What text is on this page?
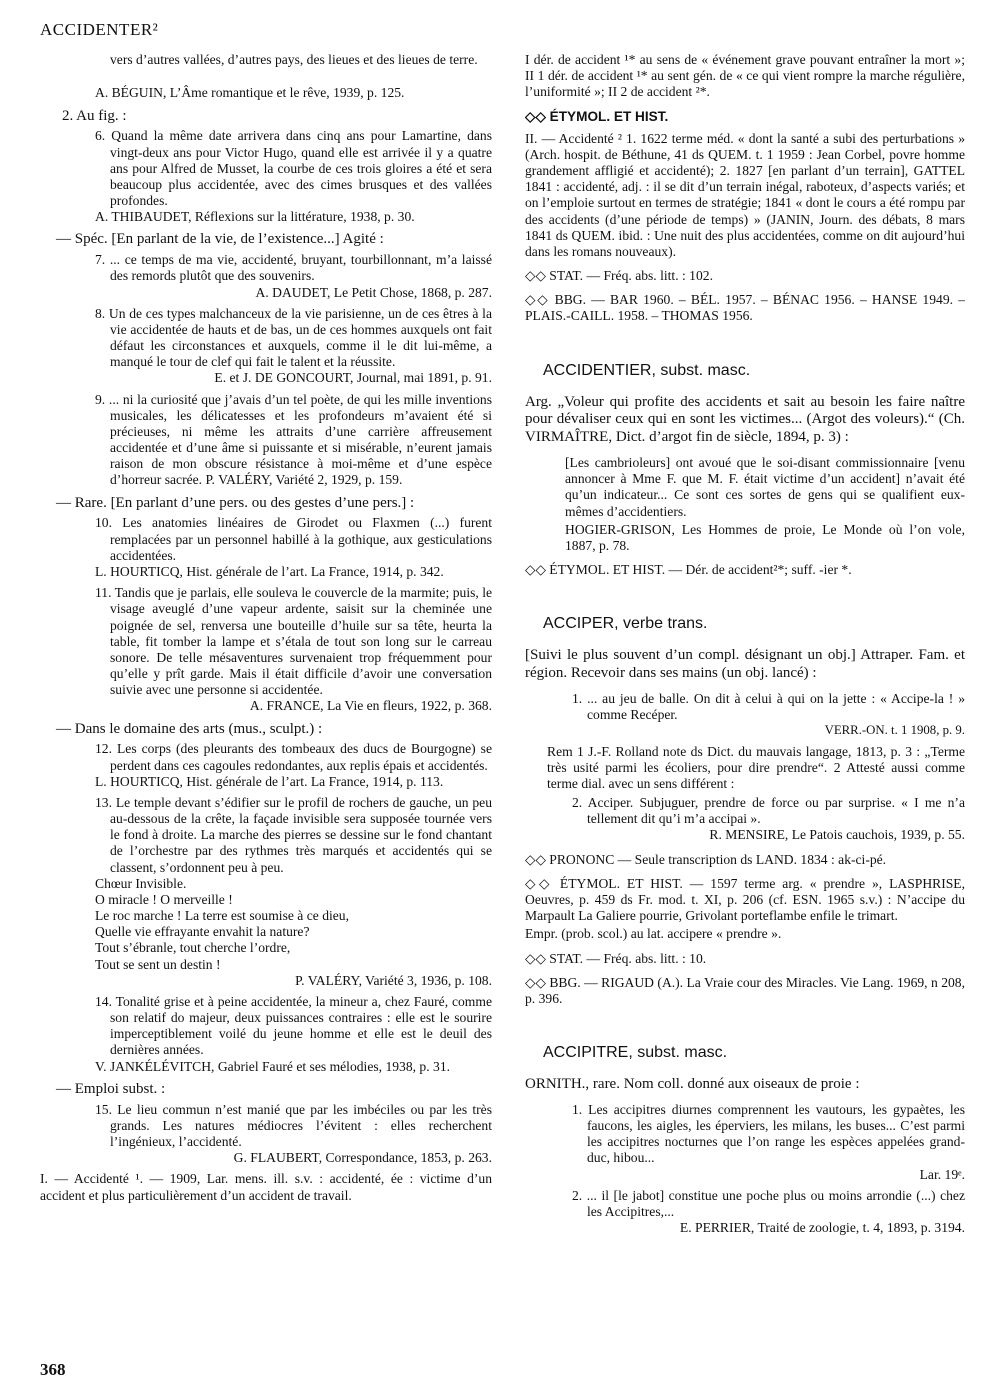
ACCIDENTER²

vers d’autres vallées, d’autres pays, des lieues et des lieues de terre.

A. BÉGUIN, L’Âme romantique et le rêve, 1939, p. 125.

2. Au fig. :

6. Quand la même date arrivera dans cinq ans pour Lamartine, dans vingt-deux ans pour Victor Hugo, quand elle est arrivée il y a quatre ans pour Alfred de Musset, la courbe de ces trois gloires a été et sera beaucoup plus accidentée, avec des cimes brusques et des vallées profondes.
A. THIBAUDET, Réflexions sur la littérature, 1938, p. 30.

— Spéc. [En parlant de la vie, de l’existence...] Agité :

7. ... ce temps de ma vie, accidenté, bruyant, tourbillonnant, m’a laissé des remords plutôt que des souvenirs.
A. DAUDET, Le Petit Chose, 1868, p. 287.

8. Un de ces types malchanceux de la vie parisienne, un de ces êtres à la vie accidentée de hauts et de bas, un de ces hommes auxquels ont fait défaut les circonstances et auxquels, comme il le dit lui-même, a manqué le tour de clef qui fait le talent et la réussite.
E. et J. DE GONCOURT, Journal, mai 1891, p. 91.

9. ... ni la curiosité que j’avais d’un tel poète, de qui les mille inventions musicales, les délicatesses et les profondeurs m’avaient été si précieuses, ni même les attraits d’une carrière affreusement accidentée et d’une âme si puissante et si misérable, n’eurent jamais raison de mon obscure résistance à moi-même et d’une espèce d’horreur sacrée. P. VALÉRY, Variété 2, 1929, p. 159.

— Rare. [En parlant d’une pers. ou des gestes d’une pers.] :

10. Les anatomies linéaires de Girodet ou Flaxmen (...) furent remplacées par un personnel habillé à la gothique, aux gesticulations accidentées.
L. HOURTICQ, Hist. générale de l’art. La France, 1914, p. 342.

11. Tandis que je parlais, elle souleva le couvercle de la marmite; puis, le visage aveuglé d’une vapeur ardente, saisit sur la cheminée une poignée de sel, renversa une bouteille d’huile sur sa tête, heurta la table, fit tomber la lampe et s’étala de tout son long sur le carreau sonore. De telle mésaventures survenaient trop fréquemment pour qu’elle y prît garde. Mais il était difficile d’avoir une conversation suivie avec une personne si accidentée.
A. FRANCE, La Vie en fleurs, 1922, p. 368.

— Dans le domaine des arts (mus., sculpt.) :

12. Les corps (des pleurants des tombeaux des ducs de Bourgogne) se perdent dans ces cagoules redondantes, aux replis épais et accidentés.
L. HOURTICQ, Hist. générale de l’art. La France, 1914, p. 113.

13. Le temple devant s’édifier sur le profil de rochers de gauche, un peu au-dessous de la crête, la façade invisible sera supposée tournée vers le fond à droite. La marche des pierres se dessine sur le fond chantant de l’orchestre par des rythmes très marqués et accidentés qui se classent, s’ordonnent peu à peu.
Chœur Invisible.
O miracle ! O merveille !
Le roc marche ! La terre est soumise à ce dieu,
Quelle vie effrayante envahit la nature?
Tout s’ébranle, tout cherche l’ordre,
Tout se sent un destin !
P. VALÉRY, Variété 3, 1936, p. 108.

14. Tonalité grise et à peine accidentée, la mineur a, chez Fauré, comme son relatif do majeur, deux puissances contraires : elle est le sourire imperceptiblement voilé du jeune homme et elle est le deuil des dernières années.
V. JANKÉLÉVITCH, Gabriel Fauré et ses mélodies, 1938, p. 31.

— Emploi subst. :

15. Le lieu commun n’est manié que par les imbéciles ou par les très grands. Les natures médiocres l’évitent : elles recherchent l’ingénieux, l’accidenté.
G. FLAUBERT, Correspondance, 1853, p. 263.

I. — Accidenté ¹. — 1909, Lar. mens. ill. s.v. : accidenté, ée : victime d’un accident et plus particulièrement d’un accident de travail.

I dér. de accident ¹* au sens de « événement grave pouvant entraîner la mort »; II 1 dér. de accident ¹* au sent gén. de « ce qui vient rompre la marche régulière, l’uniformité »; II 2 de accident ²*.

◇◇ ÉTYMOL. ET HIST.

II. — Accidenté ² 1. 1622 terme méd. « dont la santé a subi des perturbations » (Arch. hospit. de Béthune, 41 ds QUEM. t. 1 1959 : Jean Corbel, povre homme grandement affligié et accidenté); 2. 1827 [en parlant d’un terrain], GATTEL 1841 : accidenté, adj. : il se dit d’un terrain inégal, raboteux, d’aspects variés; et on l’emploie surtout en termes de stratégie; 1841 « dont le cours a été rompu par des accidents (d’une période de temps) » (JANIN, Journ. des débats, 8 mars 1841 ds QUEM. ibid. : Une nuit des plus accidentées, comme on dit aujourd’hui dans les romans nouveaux).

◇◇ STAT. — Fréq. abs. litt. : 102.

◇◇ BBG. — BAR 1960. – BÉL. 1957. – BÉNAC 1956. – HANSE 1949. – PLAIS.-CAILL. 1958. – THOMAS 1956.

ACCIDENTIER, subst. masc.

Arg. „Voleur qui profite des accidents et sait au besoin les faire naître pour dévaliser ceux qui en sont les victimes... (Argot des voleurs).“ (Ch. VIRMAÎTRE, Dict. d’argot fin de siècle, 1894, p. 3) :

[Les cambrioleurs] ont avoué que le soi-disant commissionnaire [venu annoncer à Mme F. que M. F. était victime d’un accident] n’avait été qu’un indicateur... Ce sont ces sortes de gens qui se qualifient eux-mêmes d’accidentiers.

HOGIER-GRISON, Les Hommes de proie, Le Monde où l’on vole, 1887, p. 78.

◇◇ ÉTYMOL. ET HIST. — Dér. de accident²*; suff. -ier *.

ACCIPER, verbe trans.

[Suivi le plus souvent d’un compl. désignant un obj.] Attraper. Fam. et région. Recevoir dans ses mains (un obj. lancé) :

1. ... au jeu de balle. On dit à celui à qui on la jette : « Accipe-la ! » comme Recéper.
VERR.-ON. t. 1 1908, p. 9.

Rem 1 J.-F. Rolland note ds Dict. du mauvais langage, 1813, p. 3 : „Terme très usité parmi les écoliers, pour dire prendre“. 2 Attesté aussi comme terme dial. avec un sens différent :

2. Acciper. Subjuguer, prendre de force ou par surprise. « I me n’a tellement dit qu’i m’a accipai ».
R. MENSIRE, Le Patois cauchois, 1939, p. 55.

◇◇ PRONONC — Seule transcription ds LAND. 1834 : ak-ci-pé.

◇◇ ÉTYMOL. ET HIST. — 1597 terme arg. « prendre », LASPHRISE, Oeuvres, p. 459 ds Fr. mod. t. XI, p. 206 (cf. ESN. 1965 s.v.) : N’accipe du Marpault La Galiere pourrie, Grivolant porteflambe enfile le trimart.

Empr. (prob. scol.) au lat. accipere « prendre ».

◇◇ STAT. — Fréq. abs. litt. : 10.

◇◇ BBG. — RIGAUD (A.). La Vraie cour des Miracles. Vie Lang. 1969, n 208, p. 396.

ACCIPITRE, subst. masc.

ORNITH., rare. Nom coll. donné aux oiseaux de proie :

1. Les accipitres diurnes comprennent les vautours, les gypaètes, les faucons, les aigles, les éperviers, les milans, les buses... C’est parmi les accipitres nocturnes que l’on range les espèces appelées grand-duc, hibou...
Lar. 19ᵉ.

2. ... il [le jabot] constitue une poche plus ou moins arrondie (...) chez les Accipitres,...
E. PERRIER, Traité de zoologie, t. 4, 1893, p. 3194.

368
